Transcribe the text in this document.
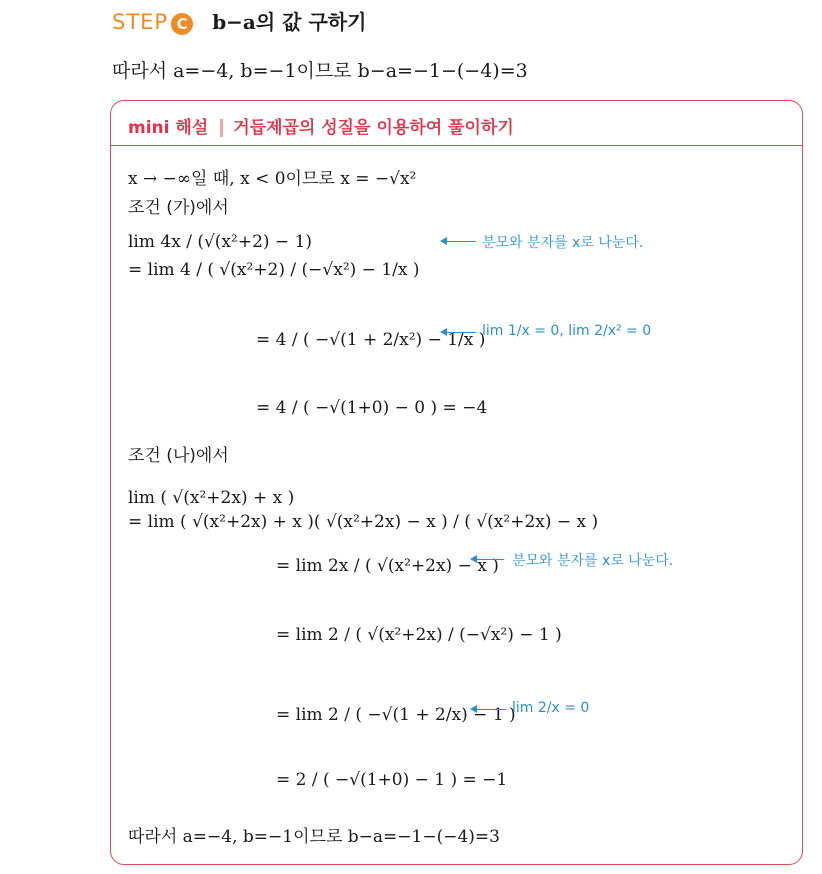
STEP C b−a의 값 구하기
따라서 a=−4, b=−1이므로 b−a=−1−(−4)=3
mini 해설 거듭제곱의 성질을 이용하여 풀이하기
x → −∞일 때, x < 0이므로 x = −√x²
조건 (가)에서
lim 4x / (√(x²+2) − 1)
= lim 4 / ( √(x²+2) / (−√x²) − 1/x )
= 4 / ( −√(1 + 2/x²) − 1/x )
= 4 / ( −√(1+0) − 0 ) = −4
분모와 분자를 x로 나눈다.
lim 1/x = 0, lim 2/x² = 0
조건 (나)에서
lim ( √(x²+2x) + x )
= lim ( √(x²+2x) + x )( √(x²+2x) − x ) / ( √(x²+2x) − x )
= lim 2x / ( √(x²+2x) − x )
= lim 2 / ( √(x²+2x) / (−√x²) − 1 )
= lim 2 / ( −√(1 + 2/x) − 1 )
= 2 / ( −√(1+0) − 1 ) = −1
분모와 분자를 x로 나눈다.
lim 2/x = 0
따라서 a=−4, b=−1이므로 b−a=−1−(−4)=3
